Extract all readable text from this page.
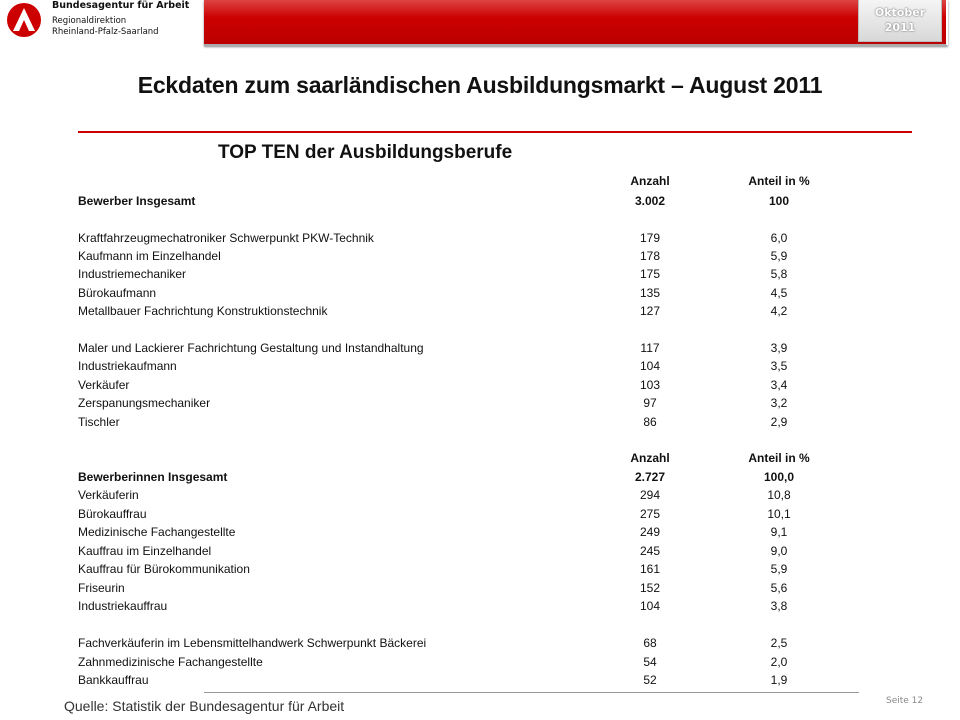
Bundesagentur für Arbeit
Regionaldirektion
Rheinland-Pfalz-Saarland
Oktober
2011
Eckdaten zum saarländischen Ausbildungsmarkt – August 2011
TOP TEN der Ausbildungsberufe
Anzahl	Anteil in %
Bewerber Insgesamt	3.002	100
Kraftfahrzeugmechatroniker Schwerpunkt PKW-Technik	179	6,0
Kaufmann im Einzelhandel	178	5,9
Industriemechaniker	175	5,8
Bürokaufmann	135	4,5
Metallbauer Fachrichtung Konstruktionstechnik	127	4,2
Maler und Lackierer Fachrichtung Gestaltung und Instandhaltung	117	3,9
Industriekaufmann	104	3,5
Verkäufer	103	3,4
Zerspanungsmechaniker	97	3,2
Tischler	86	2,9
Anzahl	Anteil in %
Bewerberinnen Insgesamt	2.727	100,0
Verkäuferin	294	10,8
Bürokauffrau	275	10,1
Medizinische Fachangestellte	249	9,1
Kauffrau im Einzelhandel	245	9,0
Kauffrau für Bürokommunikation	161	5,9
Friseurin	152	5,6
Industriekauffrau	104	3,8
Fachverkäuferin im Lebensmittelhandwerk Schwerpunkt Bäckerei	68	2,5
Zahnmedizinische Fachangestellte	54	2,0
Bankkauffrau	52	1,9
Quelle: Statistik der Bundesagentur für Arbeit	Seite 12
